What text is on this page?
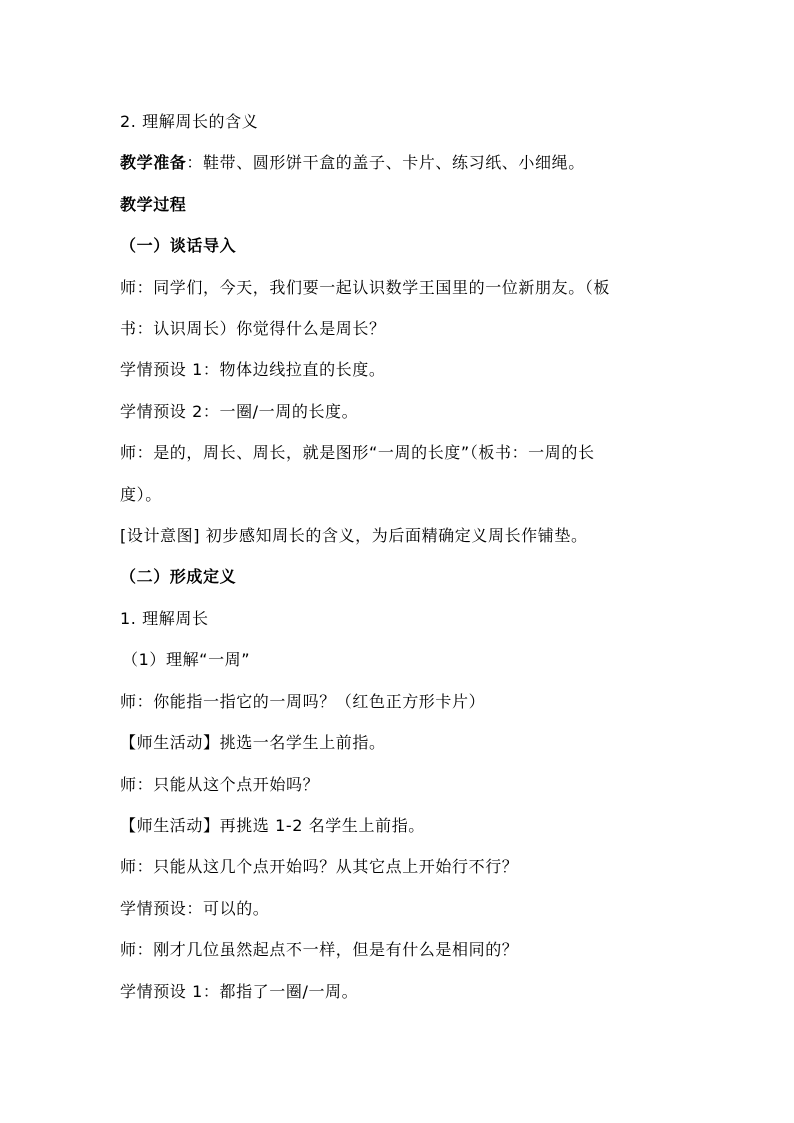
2. 理解周长的含义
教学准备：鞋带、圆形饼干盒的盖子、卡片、练习纸、小细绳。
教学过程
（一）谈话导入
师：同学们，今天，我们要一起认识数学王国里的一位新朋友。（板
书：认识周长）你觉得什么是周长？
学情预设 1：物体边线拉直的长度。
学情预设 2：一圈/一周的长度。
师：是的，周长、周长，就是图形“一周的长度”（板书：一周的长
度）。
[设计意图] 初步感知周长的含义，为后面精确定义周长作铺垫。
（二）形成定义
1. 理解周长
（1）理解“一周”
师：你能指一指它的一周吗？（红色正方形卡片）
【师生活动】挑选一名学生上前指。
师：只能从这个点开始吗？
【师生活动】再挑选 1-2 名学生上前指。
师：只能从这几个点开始吗？从其它点上开始行不行？
学情预设：可以的。
师：刚才几位虽然起点不一样，但是有什么是相同的？
学情预设 1：都指了一圈/一周。
